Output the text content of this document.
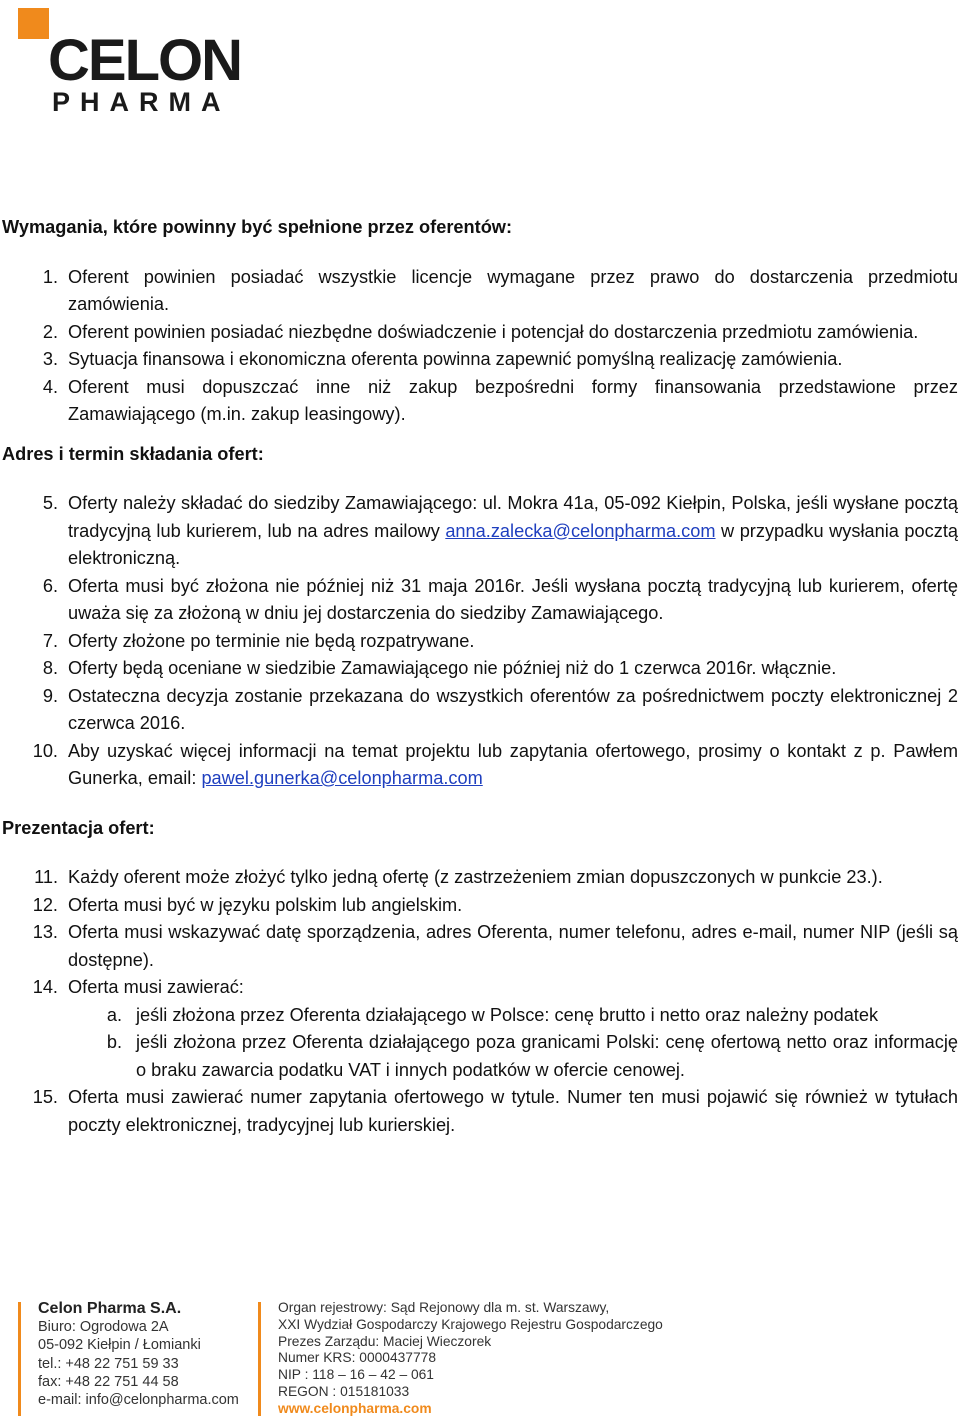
CELON
PHARMA
Wymagania, które powinny być spełnione przez oferentów:
1. Oferent powinien posiadać wszystkie licencje wymagane przez prawo do dostarczenia przedmiotu zamówienia.
2. Oferent powinien posiadać niezbędne doświadczenie i potencjał do dostarczenia przedmiotu zamówienia.
3. Sytuacja finansowa i ekonomiczna oferenta powinna zapewnić pomyślną realizację zamówienia.
4. Oferent musi dopuszczać inne niż zakup bezpośredni formy finansowania przedstawione przez Zamawiającego (m.in. zakup leasingowy).
Adres i termin składania ofert:
5. Oferty należy składać do siedziby Zamawiającego: ul. Mokra 41a, 05-092 Kiełpin, Polska, jeśli wysłane pocztą tradycyjną lub kurierem, lub na adres mailowy anna.zalecka@celonpharma.com w przypadku wysłania pocztą elektroniczną.
6. Oferta musi być złożona nie później niż 31 maja 2016r. Jeśli wysłana pocztą tradycyjną lub kurierem, ofertę uważa się za złożoną w dniu jej dostarczenia do siedziby Zamawiającego.
7. Oferty złożone po terminie nie będą rozpatrywane.
8. Oferty będą oceniane w siedzibie Zamawiającego nie później niż do 1 czerwca 2016r. włącznie.
9. Ostateczna decyzja zostanie przekazana do wszystkich oferentów za pośrednictwem poczty elektronicznej 2 czerwca 2016.
10. Aby uzyskać więcej informacji na temat projektu lub zapytania ofertowego, prosimy o kontakt z p. Pawłem Gunerka, email: pawel.gunerka@celonpharma.com
Prezentacja ofert:
11. Każdy oferent może złożyć tylko jedną ofertę (z zastrzeżeniem zmian dopuszczonych w punkcie 23.).
12. Oferta musi być w języku polskim lub angielskim.
13. Oferta musi wskazywać datę sporządzenia, adres Oferenta, numer telefonu, adres e-mail, numer NIP (jeśli są dostępne).
14. Oferta musi zawierać:
a. jeśli złożona przez Oferenta działającego w Polsce: cenę brutto i netto oraz należny podatek
b. jeśli złożona przez Oferenta działającego poza granicami Polski: cenę ofertową netto oraz informację o braku zawarcia podatku VAT i innych podatków w ofercie cenowej.
15. Oferta musi zawierać numer zapytania ofertowego w tytule. Numer ten musi pojawić się również w tytułach poczty elektronicznej, tradycyjnej lub kurierskiej.
Celon Pharma S.A.
Biuro: Ogrodowa 2A
05-092 Kiełpin / Łomianki
tel.: +48 22 751 59 33
fax: +48 22 751 44 58
e-mail: info@celonpharma.com
Organ rejestrowy: Sąd Rejonowy dla m. st. Warszawy,
XXI Wydział Gospodarczy Krajowego Rejestru Gospodarczego
Prezes Zarządu: Maciej Wieczorek
Numer KRS: 0000437778
NIP : 118 – 16 – 42 – 061
REGON : 015181033
www.celonpharma.com
